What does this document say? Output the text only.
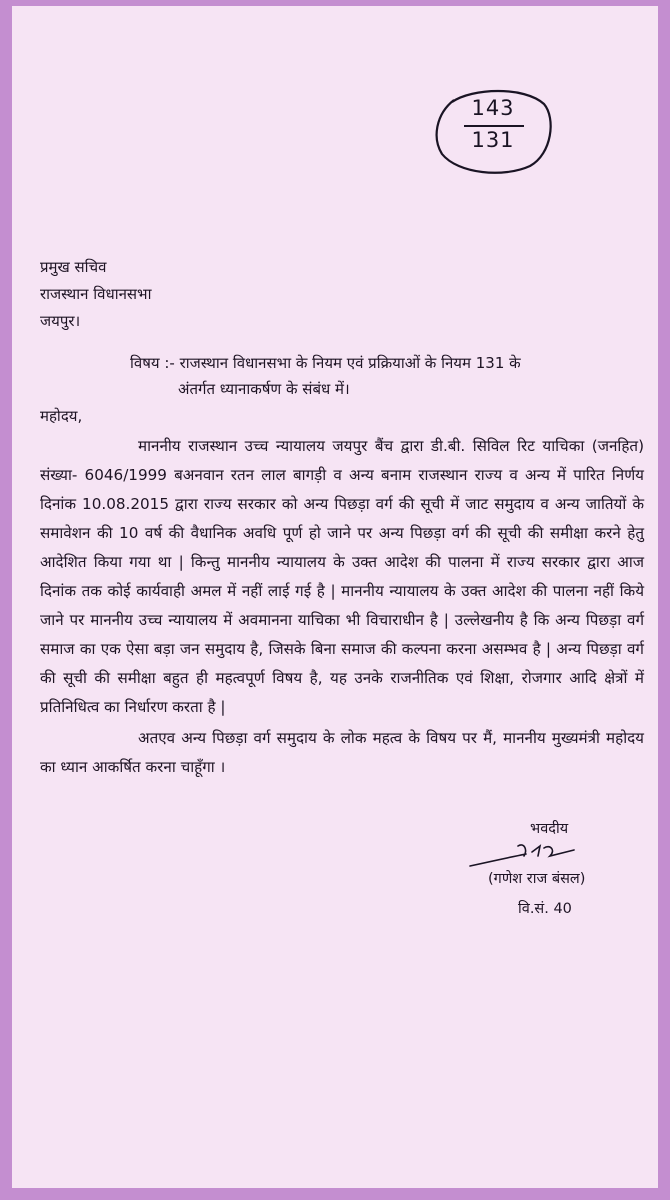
143
131
प्रमुख सचिव
राजस्थान विधानसभा
जयपुर।
विषय :- राजस्थान विधानसभा के नियम एवं प्रक्रियाओं के नियम 131 के
अंतर्गत ध्यानाकर्षण के संबंध में।
महोदय,

माननीय राजस्थान उच्च न्यायालय जयपुर बैंच द्वारा डी.बी. सिविल रिट याचिका (जनहित) संख्या- 6046/1999 बअनवान रतन लाल बागड़ी व अन्य बनाम राजस्थान राज्य व अन्य में पारित निर्णय दिनांक 10.08.2015 द्वारा राज्य सरकार को अन्य पिछड़ा वर्ग की सूची में जाट समुदाय व अन्य जातियों के समावेशन की 10 वर्ष की वैधानिक अवधि पूर्ण हो जाने पर अन्य पिछड़ा वर्ग की सूची की समीक्षा करने हेतु आदेशित किया गया था | किन्तु माननीय न्यायालय के उक्त आदेश की पालना में राज्य सरकार द्वारा आज दिनांक तक कोई कार्यवाही अमल में नहीं लाई गई है | माननीय न्यायालय के उक्त आदेश की पालना नहीं किये जाने पर माननीय उच्च न्यायालय में अवमानना याचिका भी विचाराधीन है | उल्लेखनीय है कि अन्य पिछड़ा वर्ग समाज का एक ऐसा बड़ा जन समुदाय है, जिसके बिना समाज की कल्पना करना असम्भव है | अन्य पिछड़ा वर्ग की सूची की समीक्षा बहुत ही महत्वपूर्ण विषय है, यह उनके राजनीतिक एवं शिक्षा, रोजगार आदि क्षेत्रों में प्रतिनिधित्व का निर्धारण करता है |

अतएव अन्य पिछड़ा वर्ग समुदाय के लोक महत्व के विषय पर मैं, माननीय मुख्यमंत्री महोदय का ध्यान आकर्षित करना चाहूँगा ।

भवदीय
(गणेश राज बंसल)
वि.सं. 40
